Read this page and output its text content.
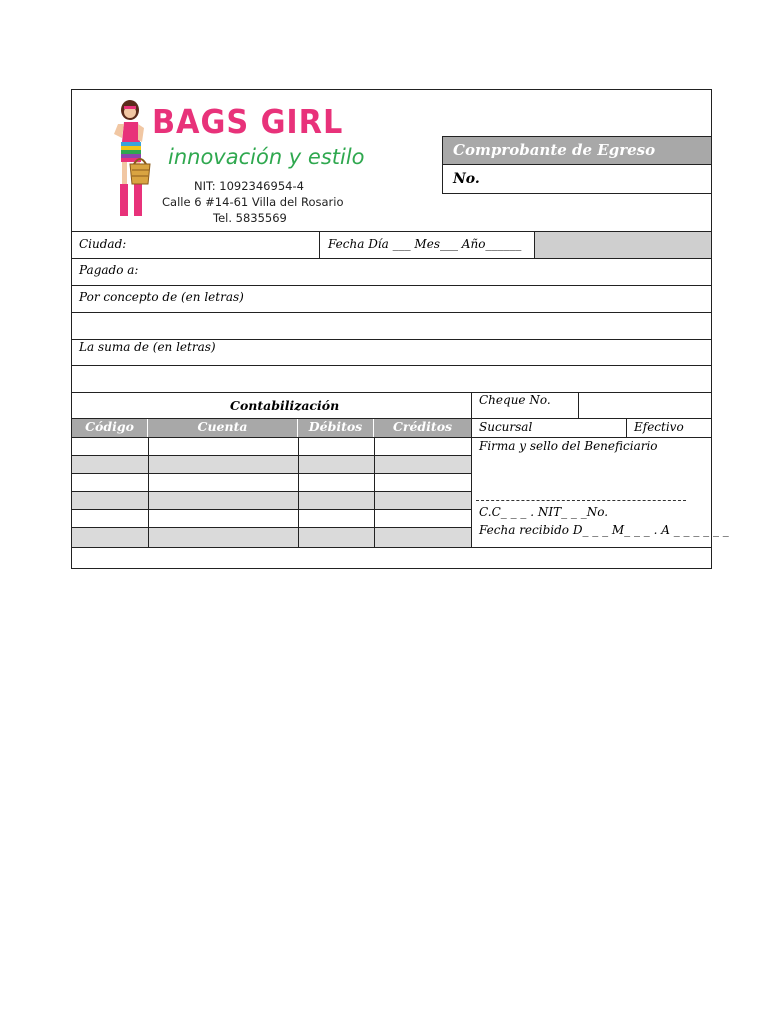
BAGS GIRL
innovación y estilo
NIT: 1092346954-4
Calle 6 #14-61 Villa del Rosario
Tel. 5835569
Comprobante de Egreso
No.
Ciudad:	Fecha Día ___ Mes___ Año______
Pagado a:
Por concepto de (en letras)
La suma de (en letras)
Contabilización
Código	Cuenta	Débitos	Créditos
Cheque No.
Sucursal	Efectivo
Firma y sello del Beneficiario
C.C_ _ _ . NIT_ _ _No.
Fecha recibido D_ _ _ M_ _ _ . A _ _ _ _ _ _
